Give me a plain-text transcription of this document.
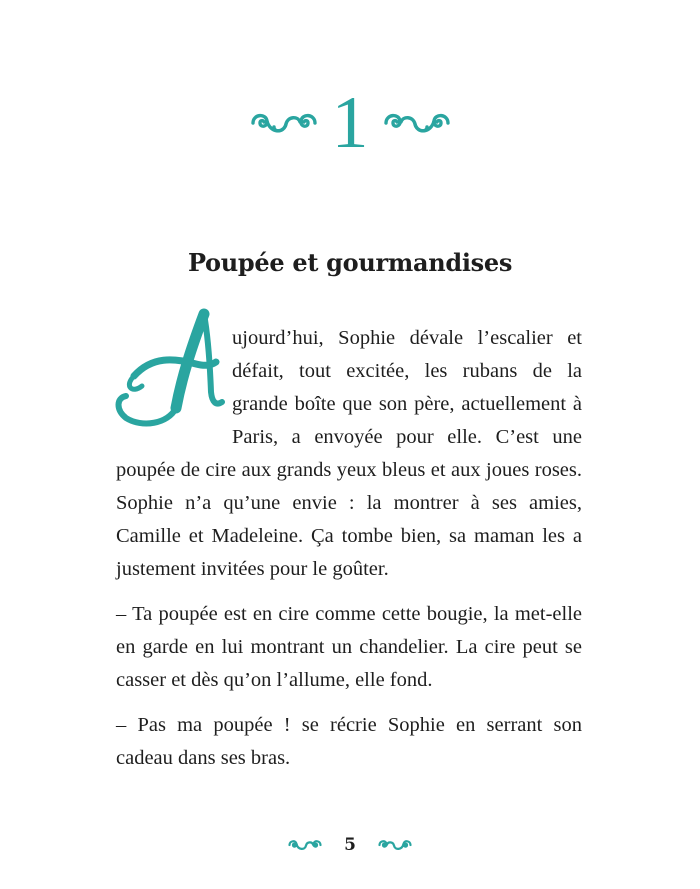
1
Poupée et gourmandises

ujourd’hui, Sophie dévale l’escalier et défait, tout excitée, les rubans de la grande boîte que son père, actuellement à Paris, a envoyée pour elle. C’est une poupée de cire aux grands yeux bleus et aux joues roses. Sophie n’a qu’une envie : la montrer à ses amies, Camille et Madeleine. Ça tombe bien, sa maman les a justement invitées pour le goûter.

– Ta poupée est en cire comme cette bougie, la met-elle en garde en lui montrant un chandelier. La cire peut se casser et dès qu’on l’allume, elle fond.

– Pas ma poupée ! se récrie Sophie en serrant son cadeau dans ses bras.

5
